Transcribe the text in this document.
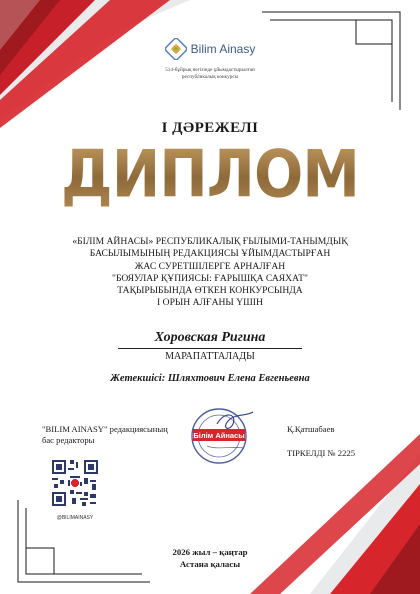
Bilim Ainasy
514-бұйрық негізінде ұйымдастырылған
республикалық конкурсы
І ДӘРЕЖЕЛІ
ДИПЛОМ
«БІЛІМ АЙНАСЫ» РЕСПУБЛИКАЛЫҚ ҒЫЛЫМИ-ТАНЫМДЫҚ
БАСЫЛЫМЫНЫҢ РЕДАКЦИЯСЫ ҰЙЫМДАСТЫРҒАН
ЖАС СУРЕТШІЛЕРГЕ АРНАЛҒАН
"БОЯУЛАР ҚҰПИЯСЫ: ҒАРЫШҚА САЯХАТ"
ТАҚЫРЫБЫНДА ӨТКЕН КОНКУРСЫНДА
І ОРЫН АЛҒАНЫ ҮШІН
Хоровская Ригина
МАРАПАТТАЛАДЫ
Жетекшісі: Шляхтович Елена Евгеньевна
"BILIM AINASY" редакциясының
бас редакторы	Білім Айнасы
Қ.Қатшабаев
ТІРКЕЛДІ № 2225
@BILIMAINASY
2026 жыл – қаңтар
Астана қаласы
